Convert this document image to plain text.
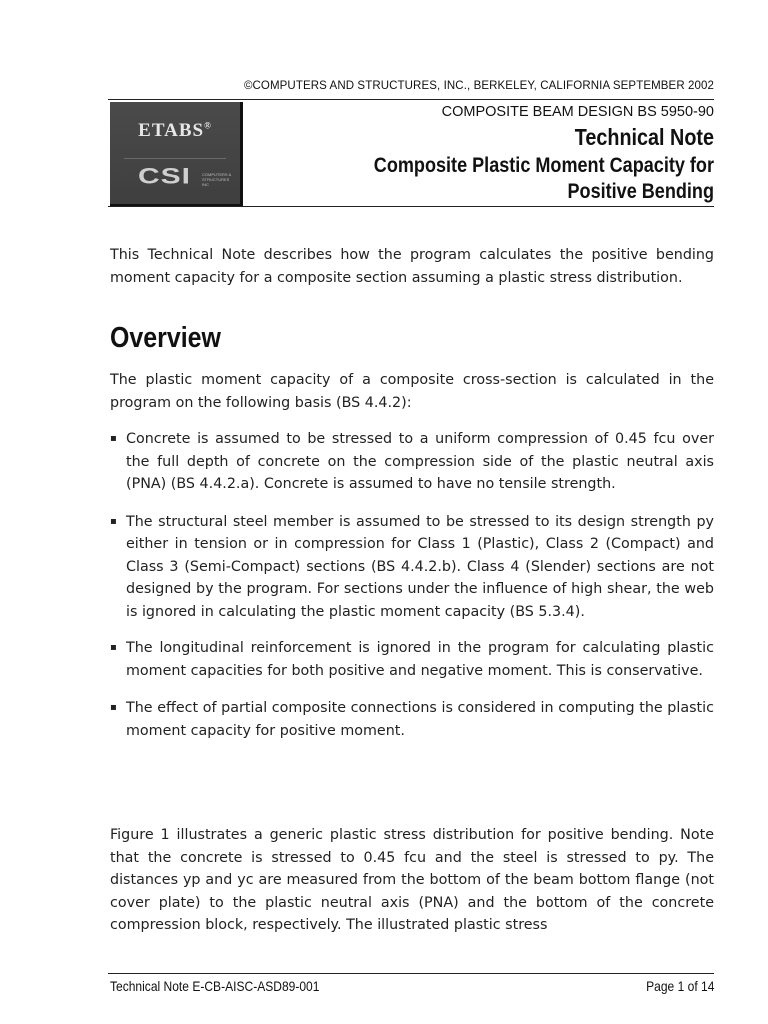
©COMPUTERS AND STRUCTURES, INC., BERKELEY, CALIFORNIA SEPTEMBER 2002
ETABS®
CSI	COMPUTERS & STRUCTURES INC
COMPOSITE BEAM DESIGN BS 5950-90
Technical Note
Composite Plastic Moment Capacity for
Positive Bending
This Technical Note describes how the program calculates the positive bending moment capacity for a composite section assuming a plastic stress distribution.
Overview
The plastic moment capacity of a composite cross-section is calculated in the program on the following basis (BS 4.4.2):
▪ Concrete is assumed to be stressed to a uniform compression of 0.45 fcu over the full depth of concrete on the compression side of the plastic neutral axis (PNA) (BS 4.4.2.a). Concrete is assumed to have no tensile strength.
▪ The structural steel member is assumed to be stressed to its design strength py either in tension or in compression for Class 1 (Plastic), Class 2 (Compact) and Class 3 (Semi-Compact) sections (BS 4.4.2.b). Class 4 (Slender) sections are not designed by the program. For sections under the influence of high shear, the web is ignored in calculating the plastic moment capacity (BS 5.3.4).
▪ The longitudinal reinforcement is ignored in the program for calculating plastic moment capacities for both positive and negative moment. This is conservative.
▪ The effect of partial composite connections is considered in computing the plastic moment capacity for positive moment.
Figure 1 illustrates a generic plastic stress distribution for positive bending. Note that the concrete is stressed to 0.45 fcu and the steel is stressed to py. The distances yp and yc are measured from the bottom of the beam bottom flange (not cover plate) to the plastic neutral axis (PNA) and the bottom of the concrete compression block, respectively. The illustrated plastic stress
Technical Note E-CB-AISC-ASD89-001	Page 1 of 14
